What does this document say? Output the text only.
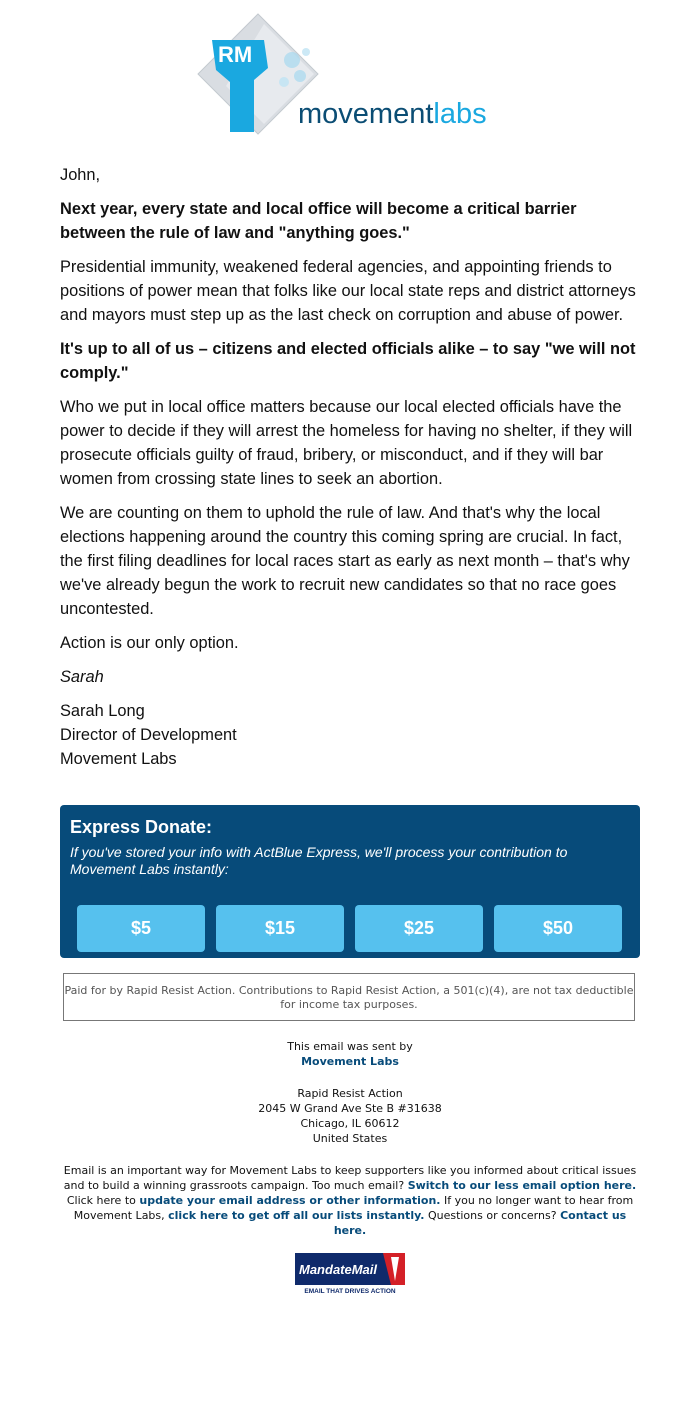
RM
movementlabs

John,

Next year, every state and local office will become a critical barrier between the rule of law and "anything goes."

Presidential immunity, weakened federal agencies, and appointing friends to positions of power mean that folks like our local state reps and district attorneys and mayors must step up as the last check on corruption and abuse of power.

It's up to all of us – citizens and elected officials alike – to say "we will not comply."

Who we put in local office matters because our local elected officials have the power to decide if they will arrest the homeless for having no shelter, if they will prosecute officials guilty of fraud, bribery, or misconduct, and if they will bar women from crossing state lines to seek an abortion.

We are counting on them to uphold the rule of law. And that's why the local elections happening around the country this coming spring are crucial. In fact, the first filing deadlines for local races start as early as next month – that's why we've already begun the work to recruit new candidates so that no race goes uncontested.

Action is our only option.

Sarah

Sarah Long
Director of Development
Movement Labs

Express Donate:
If you've stored your info with ActBlue Express, we'll process your contribution to Movement Labs instantly:
$5	$15	$25	$50
Paid for by Rapid Resist Action. Contributions to Rapid Resist Action, a 501(c)(4), are not tax deductible for income tax purposes.
This email was sent by
Movement Labs
Rapid Resist Action
2045 W Grand Ave Ste B #31638
Chicago, IL 60612
United States
Email is an important way for Movement Labs to keep supporters like you informed about critical issues and to build a winning grassroots campaign. Too much email? Switch to our less email option here. Click here to update your email address or other information. If you no longer want to hear from Movement Labs, click here to get off all our lists instantly. Questions or concerns? Contact us here.
MandateMail
EMAIL THAT DRIVES ACTION
